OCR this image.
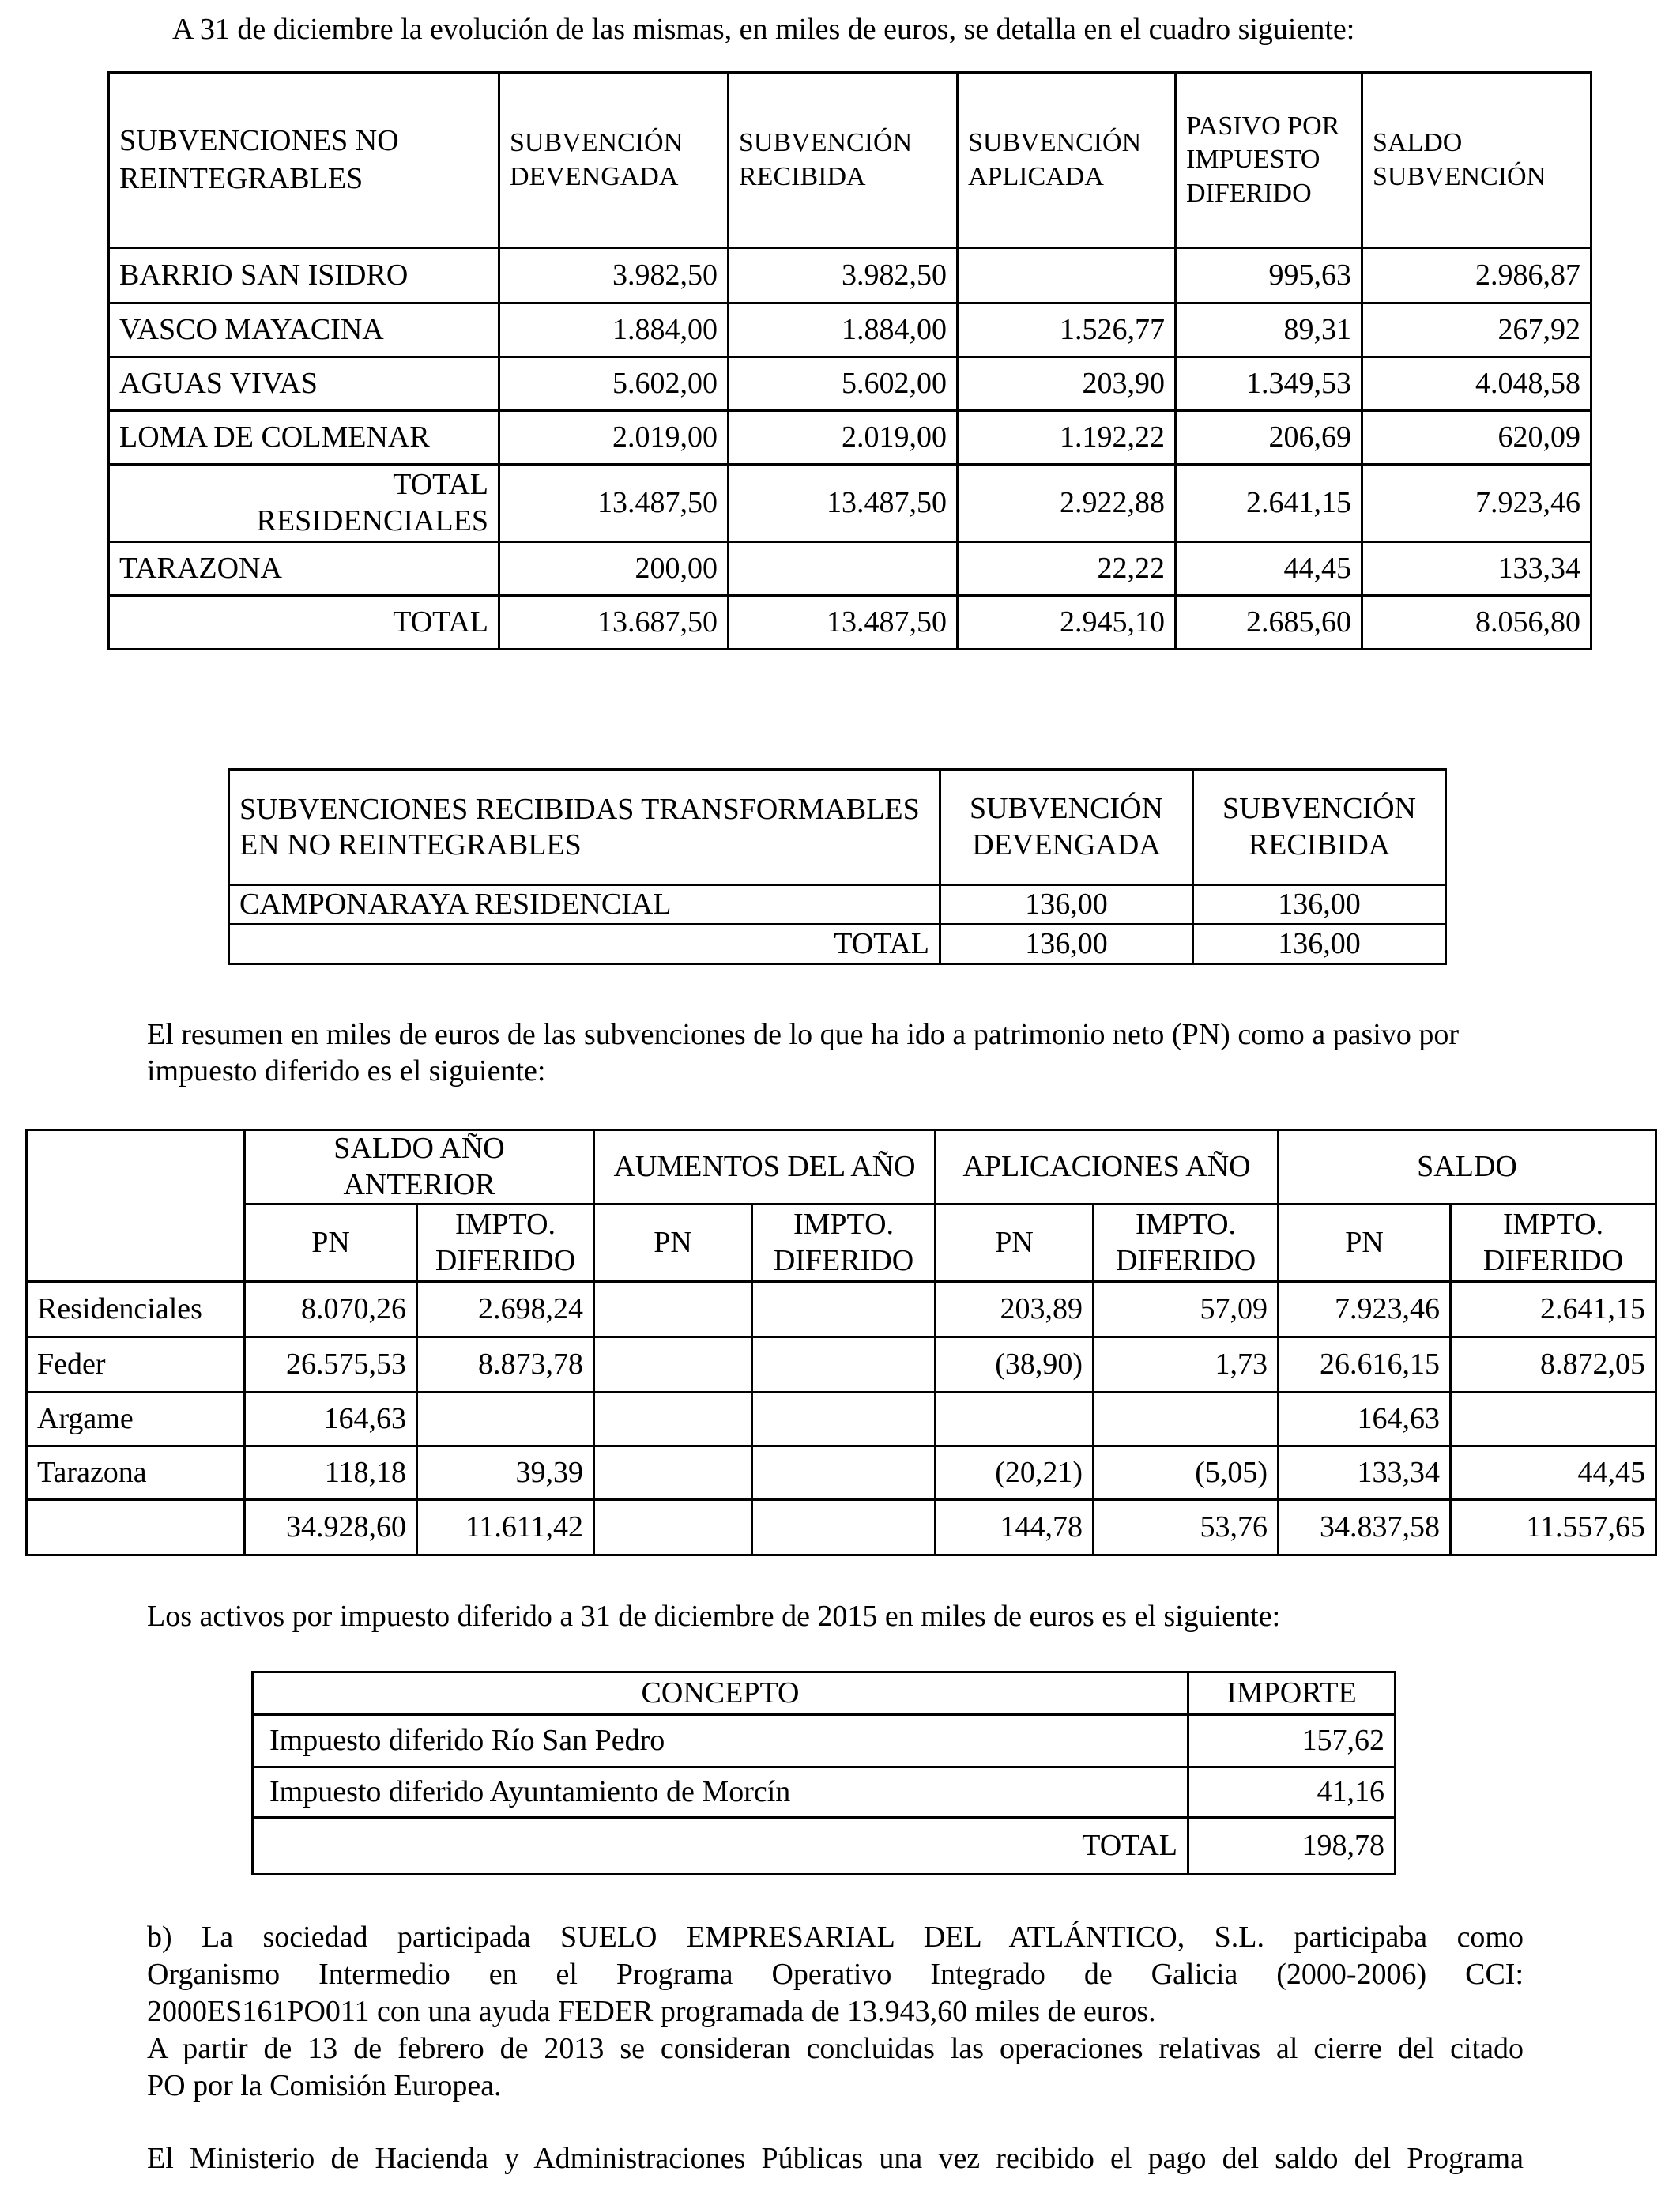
A 31 de diciembre la evolución de las mismas, en miles de euros, se detalla en el cuadro siguiente:

SUBVENCIONES NO REINTEGRABLES	SUBVENCIÓN DEVENGADA	SUBVENCIÓN RECIBIDA	SUBVENCIÓN APLICADA	PASIVO POR IMPUESTO DIFERIDO	SALDO SUBVENCIÓN
BARRIO SAN ISIDRO	3.982,50	3.982,50		995,63	2.986,87
VASCO MAYACINA	1.884,00	1.884,00	1.526,77	89,31	267,92
AGUAS VIVAS	5.602,00	5.602,00	203,90	1.349,53	4.048,58
LOMA DE COLMENAR	2.019,00	2.019,00	1.192,22	206,69	620,09
TOTAL RESIDENCIALES	13.487,50	13.487,50	2.922,88	2.641,15	7.923,46
TARAZONA	200,00		22,22	44,45	133,34
TOTAL	13.687,50	13.487,50	2.945,10	2.685,60	8.056,80
SUBVENCIONES RECIBIDAS TRANSFORMABLES EN NO REINTEGRABLES	SUBVENCIÓN DEVENGADA	SUBVENCIÓN RECIBIDA
CAMPONARAYA RESIDENCIAL	136,00	136,00
TOTAL	136,00	136,00

El resumen en miles de euros de las subvenciones de lo que ha ido a patrimonio neto (PN) como a pasivo por impuesto diferido es el siguiente:

	SALDO AÑO ANTERIOR		AUMENTOS DEL AÑO		APLICACIONES AÑO		SALDO	
	PN	IMPTO. DIFERIDO	PN	IMPTO. DIFERIDO	PN	IMPTO. DIFERIDO	PN	IMPTO. DIFERIDO
Residenciales	8.070,26	2.698,24			203,89	57,09	7.923,46	2.641,15
Feder	26.575,53	8.873,78			(38,90)	1,73	26.616,15	8.872,05
Argame	164,63						164,63	
Tarazona	118,18	39,39			(20,21)	(5,05)	133,34	44,45
	34.928,60	11.611,42			144,78	53,76	34.837,58	11.557,65

Los activos por impuesto diferido a 31 de diciembre de 2015 en miles de euros es el siguiente:

CONCEPTO	IMPORTE
Impuesto diferido Río San Pedro	157,62
Impuesto diferido Ayuntamiento de Morcín	41,16
TOTAL	198,78

b) La sociedad participada SUELO EMPRESARIAL DEL ATLÁNTICO, S.L. participaba como

Organismo Intermedio en el Programa Operativo Integrado de Galicia (2000-2006) CCI:

2000ES161PO011 con una ayuda FEDER programada de 13.943,60 miles de euros.

A partir de 13 de febrero de 2013 se consideran concluidas las operaciones relativas al cierre del citado

PO por la Comisión Europea.

El Ministerio de Hacienda y Administraciones Públicas una vez recibido el pago del saldo del Programa
